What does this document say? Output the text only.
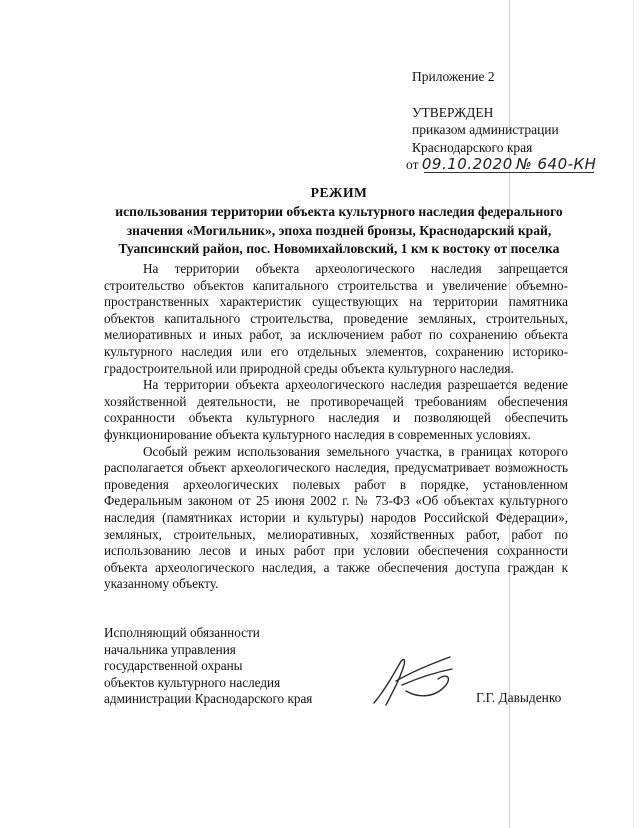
Приложение 2
УТВЕРЖДЕН
приказом администрации
Краснодарского края
от 09.10.2020 № 640-КН
РЕЖИМ
использования территории объекта культурного наследия федерального
значения «Могильник», эпоха поздней бронзы, Краснодарский край,
Туапсинский район, пос. Новомихайловский, 1 км к востоку от поселка

На территории объекта археологического наследия запрещается строительство объектов капитального строительства и увеличение объемно-пространственных характеристик существующих на территории памятника объектов капитального строительства, проведение земляных, строительных, мелиоративных и иных работ, за исключением работ по сохранению объекта культурного наследия или его отдельных элементов, сохранению историко-градостроительной или природной среды объекта культурного наследия.

На территории объекта археологического наследия разрешается ведение хозяйственной деятельности, не противоречащей требованиям обеспечения сохранности объекта культурного наследия и позволяющей обеспечить функционирование объекта культурного наследия в современных условиях.

Особый режим использования земельного участка, в границах которого располагается объект археологического наследия, предусматривает возможность проведения археологических полевых работ в порядке, установленном Федеральным законом от 25 июня 2002 г. № 73-ФЗ «Об объектах культурного наследия (памятниках истории и культуры) народов Российской Федерации», земляных, строительных, мелиоративных, хозяйственных работ, работ по использованию лесов и иных работ при условии обеспечения сохранности объекта археологического наследия, а также обеспечения доступа граждан к указанному объекту.

Исполняющий обязанности
начальника управления
государственной охраны
объектов культурного наследия
администрации Краснодарского края	Г.Г. Давыденко
